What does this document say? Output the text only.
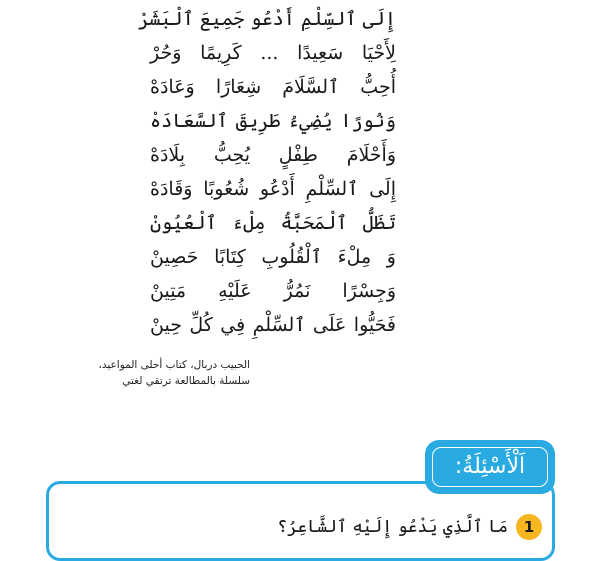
إِلَى ٱلسِّلْمِ أَدْعُو جَمِيعَ ٱلْبَشَرْ
لِأَحْيَا سَعِيدًا ... كَرِيمًا وَحُرْ
أُحِبُّ ٱلسَّلَامَ شِعَارًا وَعَادَهْ
وَنُورًا يُضِيءُ طَرِيقَ ٱلسَّعَادَهْ
وَأَحْلَامَ طِفْلٍ يُحِبُّ بِلَادَهْ
إِلَى ٱلسِّلْمِ أَدْعُو شُعُوبًا وَقَادَهْ
تَظَلُّ ٱلْمَحَبَّةُ مِلْءَ ٱلْعُيُونْ
وَ مِلْءَ ٱلْقُلُوبِ كِتَابًا حَصِينْ
وَجِسْرًا نَمُرُّ عَلَيْهِ مَتِينْ
فَحَيُّوا عَلَى ٱلسِّلْمِ فِي كُلِّ حِينْ
الحبيب دربال، كتاب أحلى المواعيد،
سلسلة بالمطالعة ترتقي لغتي
اَلْأَسْئِلَةُ:
1
مَا ٱلَّذِي يَدْعُو إِلَيْهِ ٱلشَّاعِرُ؟
